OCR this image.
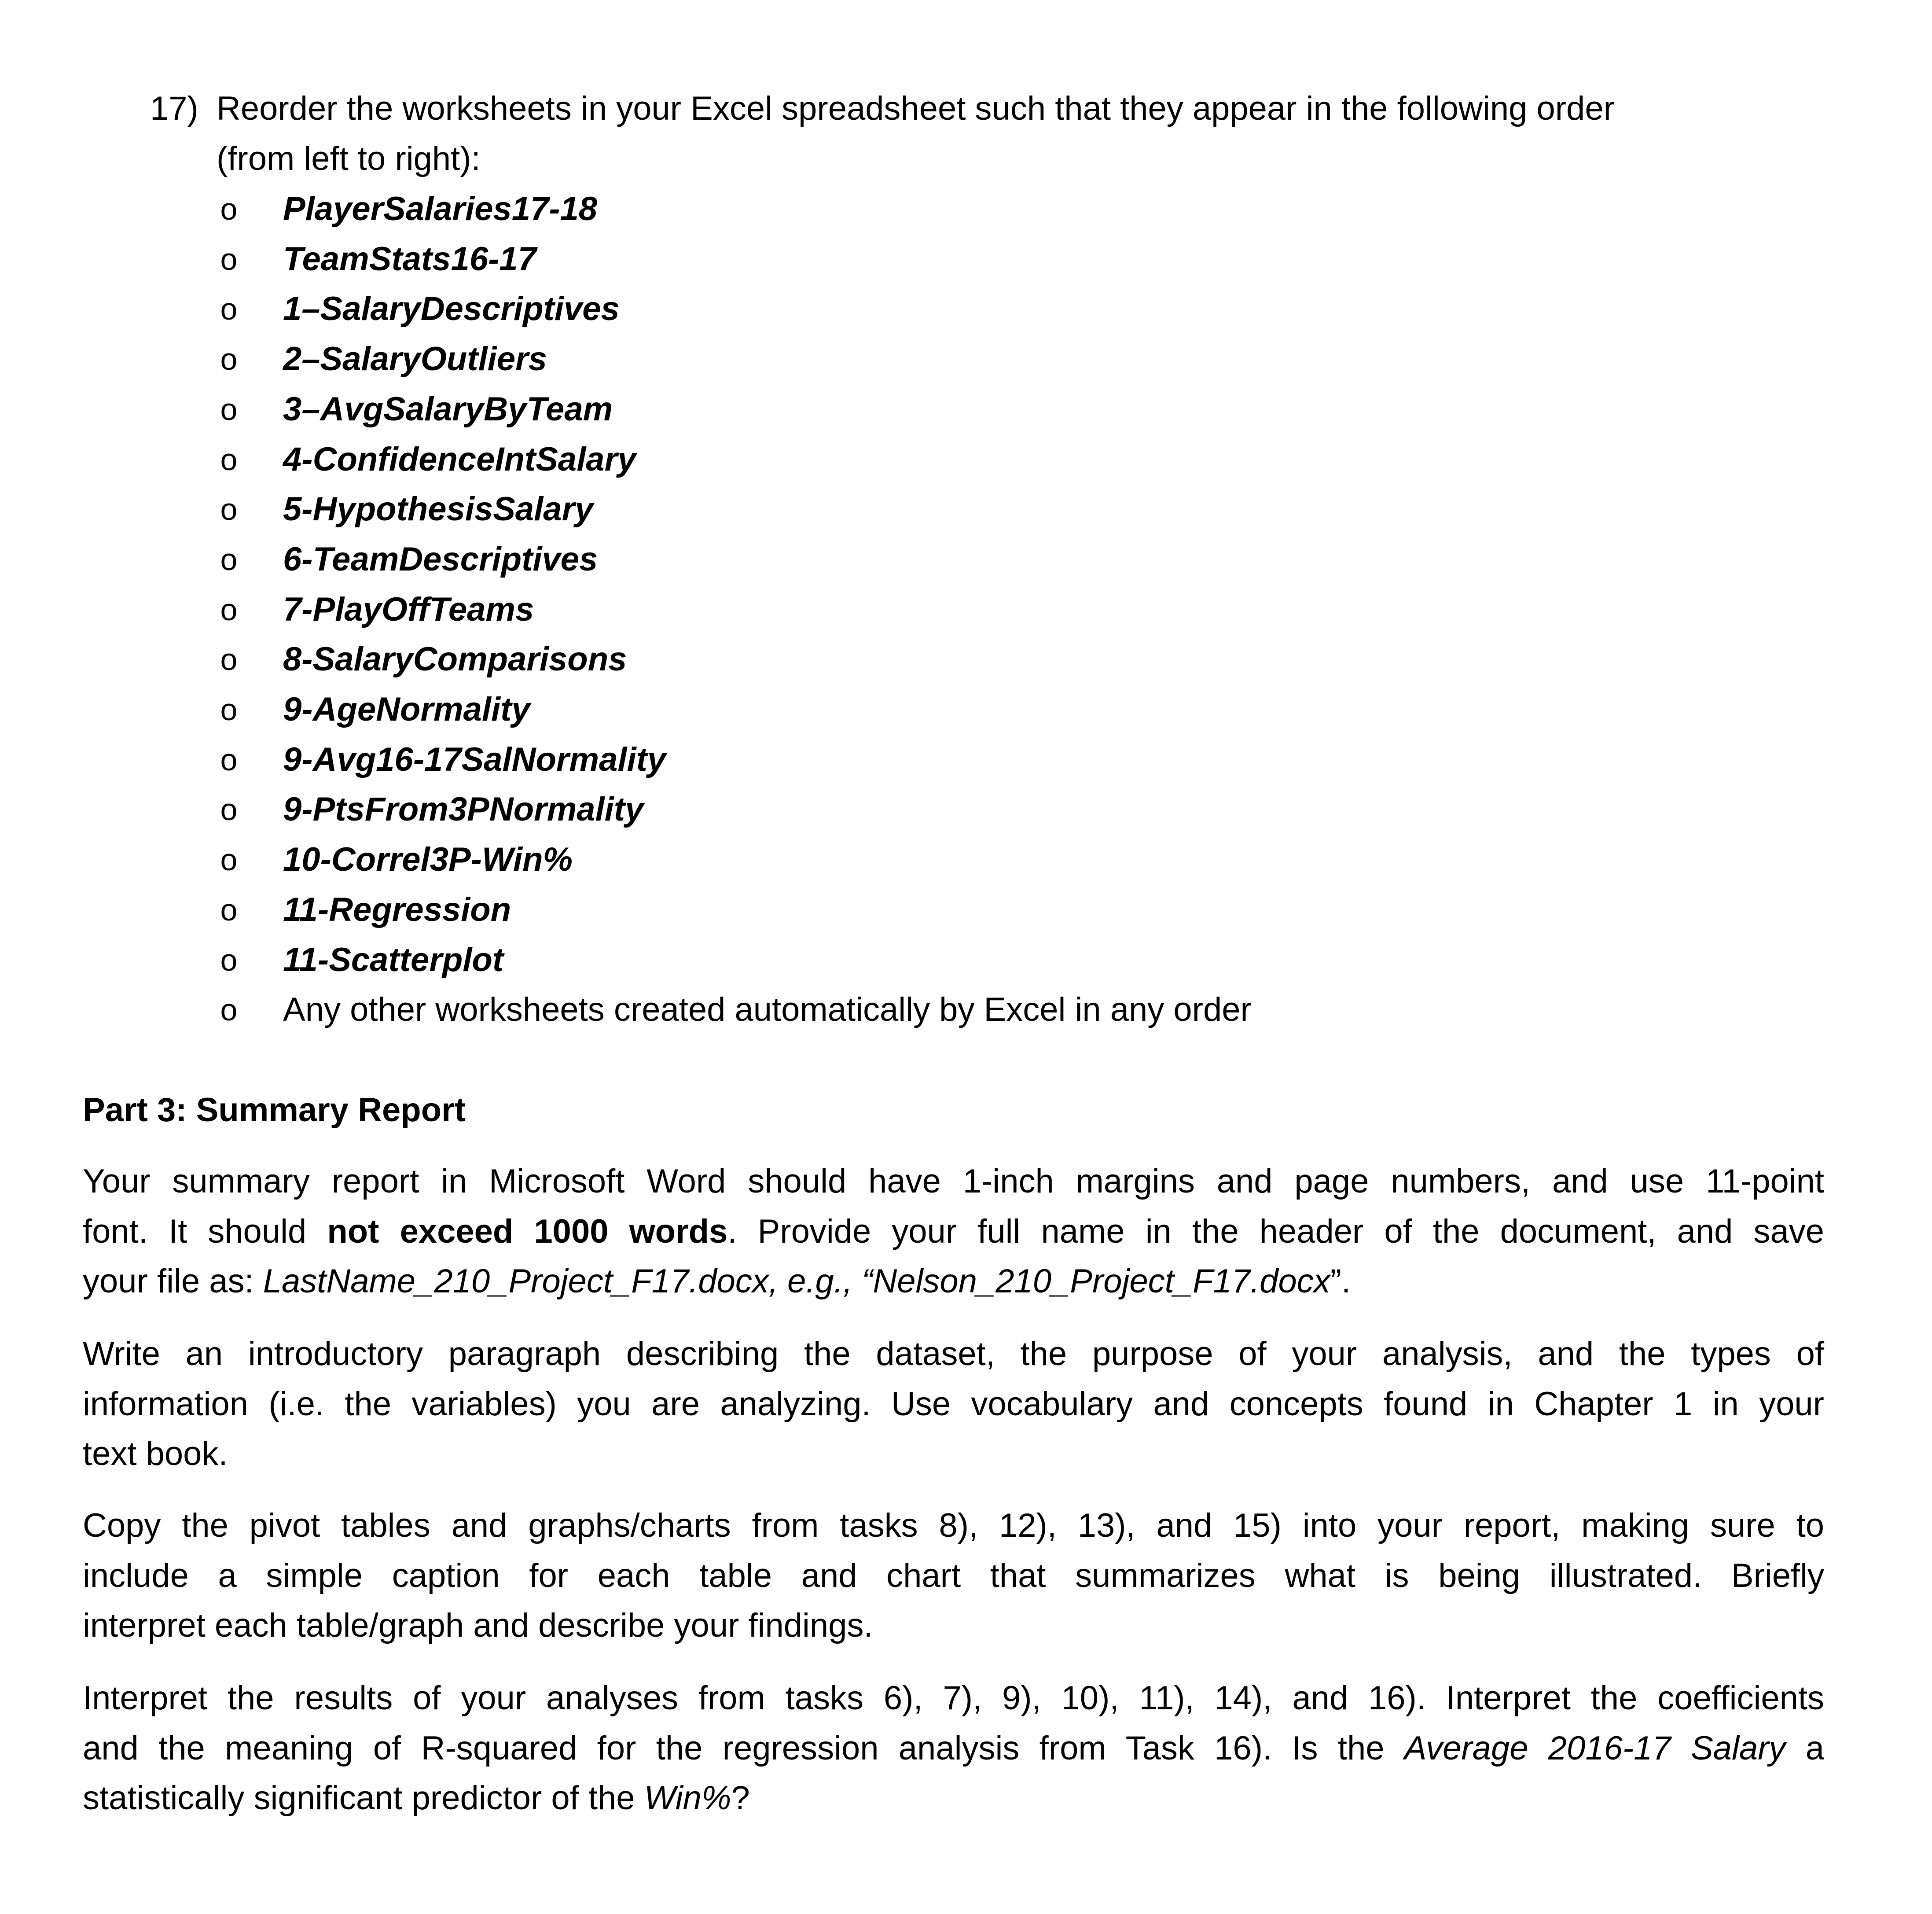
17) Reorder the worksheets in your Excel spreadsheet such that they appear in the following order
(from left to right):
o PlayerSalaries17-18
o TeamStats16-17
o 1–SalaryDescriptives
o 2–SalaryOutliers
o 3–AvgSalaryByTeam
o 4-ConfidenceIntSalary
o 5-HypothesisSalary
o 6-TeamDescriptives
o 7-PlayOffTeams
o 8-SalaryComparisons
o 9-AgeNormality
o 9-Avg16-17SalNormality
o 9-PtsFrom3PNormality
o 10-Correl3P-Win%
o 11-Regression
o 11-Scatterplot
o Any other worksheets created automatically by Excel in any order
Part 3: Summary Report
Your summary report in Microsoft Word should have 1-inch margins and page numbers, and use 11-point
font. It should not exceed 1000 words. Provide your full name in the header of the document, and save
your file as: LastName_210_Project_F17.docx, e.g., “Nelson_210_Project_F17.docx”.
Write an introductory paragraph describing the dataset, the purpose of your analysis, and the types of
information (i.e. the variables) you are analyzing. Use vocabulary and concepts found in Chapter 1 in your
text book.
Copy the pivot tables and graphs/charts from tasks 8), 12), 13), and 15) into your report, making sure to
include a simple caption for each table and chart that summarizes what is being illustrated. Briefly
interpret each table/graph and describe your findings.
Interpret the results of your analyses from tasks 6), 7), 9), 10), 11), 14), and 16). Interpret the coefficients
and the meaning of R-squared for the regression analysis from Task 16). Is the Average 2016-17 Salary a
statistically significant predictor of the Win%?
